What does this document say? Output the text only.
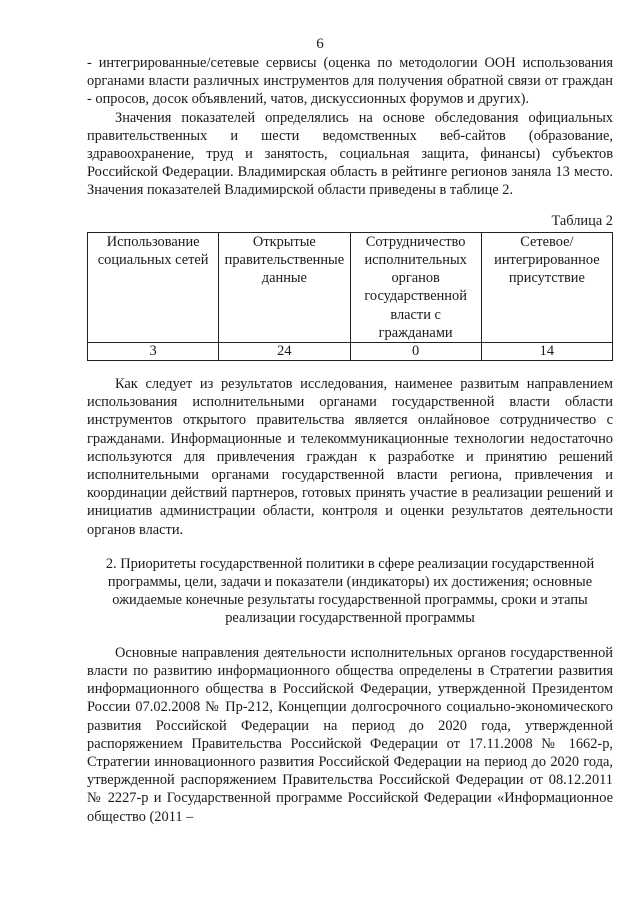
6

- интегрированные/сетевые сервисы (оценка по методологии ООН использования органами власти различных инструментов для получения обратной связи от граждан - опросов, досок объявлений, чатов, дискуссионных форумов и других).

Значения показателей определялись на основе обследования официальных правительственных и шести ведомственных веб-сайтов (образование, здравоохранение, труд и занятость, социальная защита, финансы) субъектов Российской Федерации. Владимирская область в рейтинге регионов заняла 13 место. Значения показателей Владимирской области приведены в таблице 2.

Таблица 2
Использование социальных сетей	Открытые правительственные данные	Сотрудничество исполнительных органов государственной власти с гражданами	Сетевое/ интегрированное присутствие
3	24	0	14

Как следует из результатов исследования, наименее развитым направлением использования исполнительными органами государственной власти области инструментов открытого правительства является онлайновое сотрудничество с гражданами. Информационные и телекоммуникационные технологии недостаточно используются для привлечения граждан к разработке и принятию решений исполнительными органами государственной власти региона, привлечения и координации действий партнеров, готовых принять участие в реализации решений и инициатив администрации области, контроля и оценки результатов деятельности органов власти.

2. Приоритеты государственной политики в сфере реализации государственной программы, цели, задачи и показатели (индикаторы) их достижения; основные ожидаемые конечные результаты государственной программы, сроки и этапы реализации государственной программы

Основные направления деятельности исполнительных органов государственной власти по развитию информационного общества определены в Стратегии развития информационного общества в Российской Федерации, утвержденной Президентом России 07.02.2008 № Пр-212, Концепции долгосрочного социально-экономического развития Российской Федерации на период до 2020 года, утвержденной распоряжением Правительства Российской Федерации от 17.11.2008 № 1662-р, Стратегии инновационного развития Российской Федерации на период до 2020 года, утвержденной распоряжением Правительства Российской Федерации от 08.12.2011 № 2227-р и Государственной программе Российской Федерации «Информационное общество (2011 –
